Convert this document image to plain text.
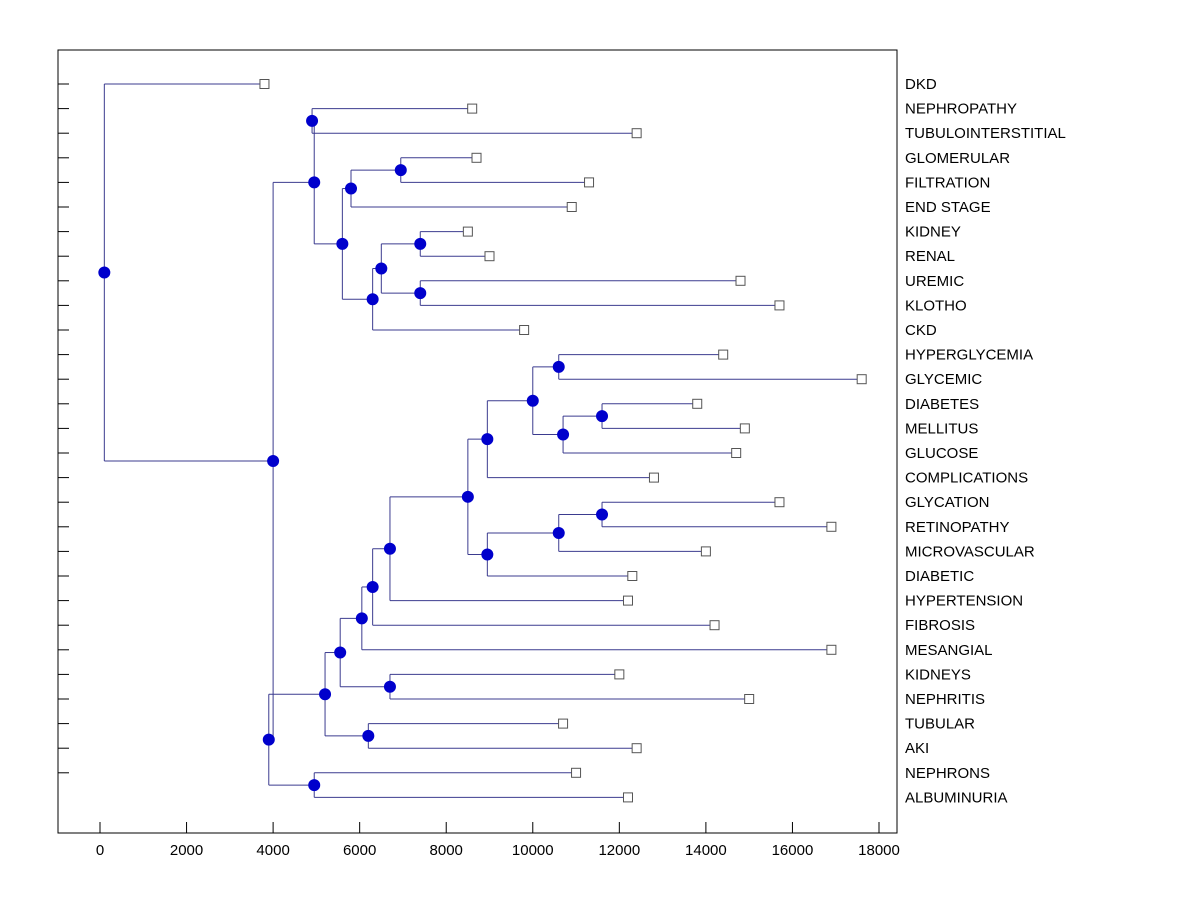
0	2000	4000	6000	8000	10000	12000	14000	16000	18000
DKD
NEPHROPATHY
TUBULOINTERSTITIAL
GLOMERULAR
FILTRATION
END STAGE
KIDNEY
RENAL
UREMIC
KLOTHO
CKD
HYPERGLYCEMIA
GLYCEMIC
DIABETES
MELLITUS
GLUCOSE
COMPLICATIONS
GLYCATION
RETINOPATHY
MICROVASCULAR
DIABETIC
HYPERTENSION
FIBROSIS
MESANGIAL
KIDNEYS
NEPHRITIS
TUBULAR
AKI
NEPHRONS
ALBUMINURIA
